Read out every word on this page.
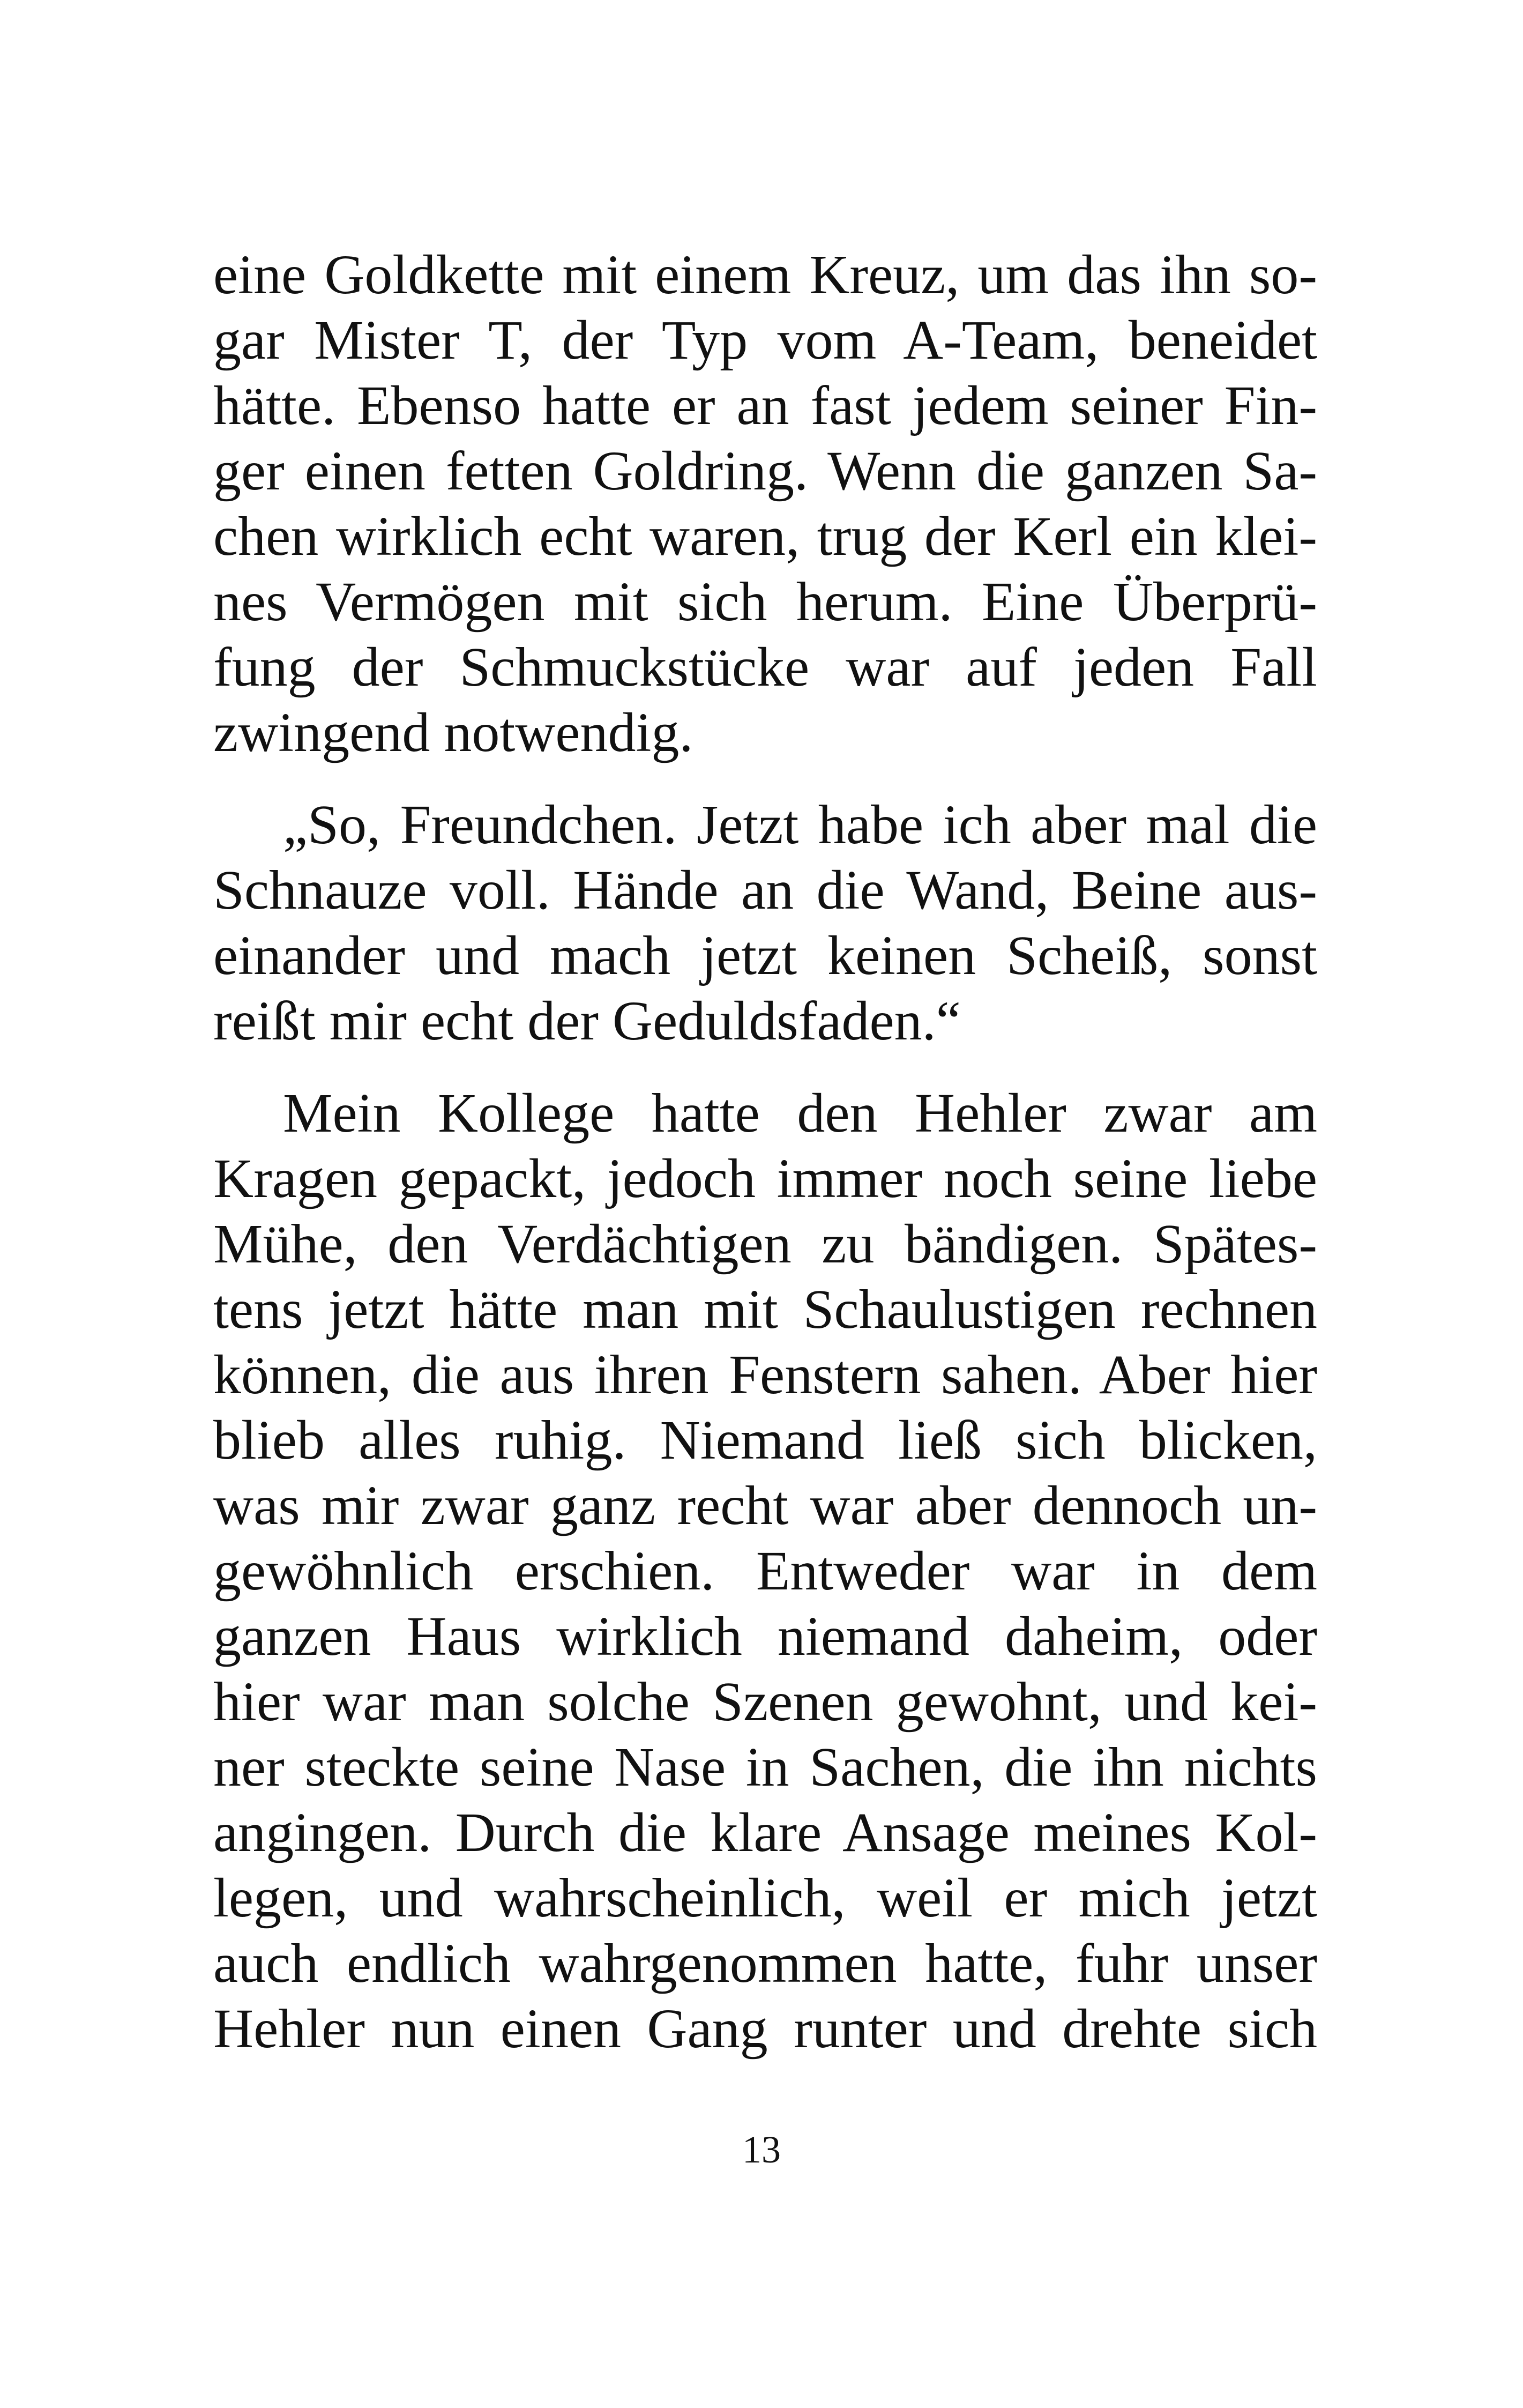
eine Goldkette mit einem Kreuz, um das ihn so-
gar Mister T, der Typ vom A-Team, beneidet
hätte. Ebenso hatte er an fast jedem seiner Fin-
ger einen fetten Goldring. Wenn die ganzen Sa-
chen wirklich echt waren, trug der Kerl ein klei-
nes Vermögen mit sich herum. Eine Überprü-
fung der Schmuckstücke war auf jeden Fall
zwingend notwendig.
„So, Freundchen. Jetzt habe ich aber mal die
Schnauze voll. Hände an die Wand, Beine aus-
einander und mach jetzt keinen Scheiß, sonst
reißt mir echt der Geduldsfaden.“
Mein Kollege hatte den Hehler zwar am
Kragen gepackt, jedoch immer noch seine liebe
Mühe, den Verdächtigen zu bändigen. Spätes-
tens jetzt hätte man mit Schaulustigen rechnen
können, die aus ihren Fenstern sahen. Aber hier
blieb alles ruhig. Niemand ließ sich blicken,
was mir zwar ganz recht war aber dennoch un-
gewöhnlich erschien. Entweder war in dem
ganzen Haus wirklich niemand daheim, oder
hier war man solche Szenen gewohnt, und kei-
ner steckte seine Nase in Sachen, die ihn nichts
angingen. Durch die klare Ansage meines Kol-
legen, und wahrscheinlich, weil er mich jetzt
auch endlich wahrgenommen hatte, fuhr unser
Hehler nun einen Gang runter und drehte sich
13
